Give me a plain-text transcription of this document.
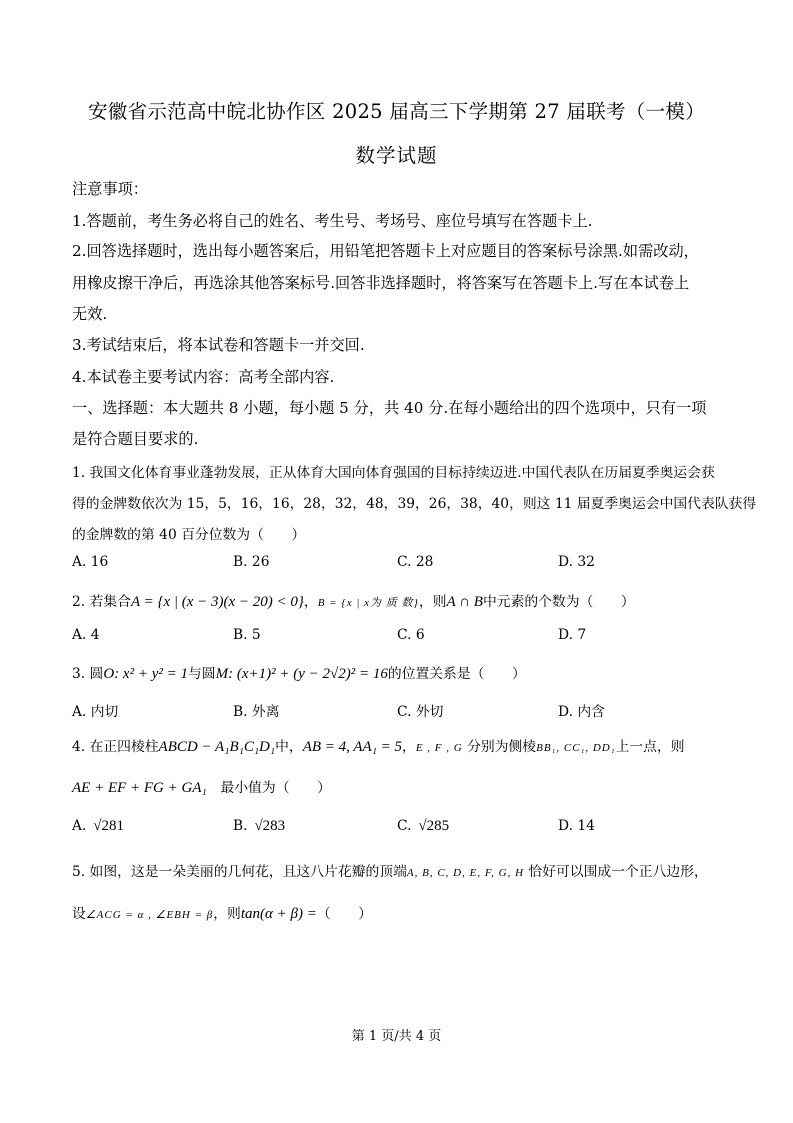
安徽省示范高中皖北协作区 2025 届高三下学期第 27 届联考（一模）
数学试题
注意事项：
1.答题前，考生务必将自己的姓名、考生号、考场号、座位号填写在答题卡上.
2.回答选择题时，选出每小题答案后，用铅笔把答题卡上对应题目的答案标号涂黑.如需改动，
用橡皮擦干净后，再选涂其他答案标号.回答非选择题时，将答案写在答题卡上.写在本试卷上
无效.
3.考试结束后，将本试卷和答题卡一并交回.
4.本试卷主要考试内容：高考全部内容.
一、选择题：本大题共 8 小题，每小题 5 分，共 40 分.在每小题给出的四个选项中，只有一项
是符合题目要求的.
1. 我国文化体育事业蓬勃发展，正从体育大国向体育强国的目标持续迈进.中国代表队在历届夏季奥运会获
得的金牌数依次为 15，5，16，16，28，32，48，39，26，38，40，则这 11 届夏季奥运会中国代表队获得
的金牌数的第 40 百分位数为（　　）
A. 16	B. 26	C. 28	D. 32
2. 若集合A = {x | (x − 3)(x − 20) < 0}，B = {x | x为 质 数}，则A ∩ B中元素的个数为（　　）
A. 4	B. 5	C. 6	D. 7
3. 圆O: x² + y² = 1与圆M: (x+1)² + (y − 2√2)² = 16的位置关系是（　　）
A. 内切	B. 外离	C. 外切	D. 内含
4. 在正四棱柱ABCD − A₁B₁C₁D₁中，AB = 4, AA₁ = 5，E , F , G 分别为侧棱BB₁, CC₁, DD₁上一点，则
AE + EF + FG + GA₁  最小值为（　　）
A.  √281	B.  √283	C.  √285	D. 14
5. 如图，这是一朵美丽的几何花，且这八片花瓣的顶端A, B, C, D, E, F, G, H 恰好可以围成一个正八边形，
设∠ACG = α , ∠EBH = β，则tan(α + β) =（　　）
第 1 页/共 4 页
